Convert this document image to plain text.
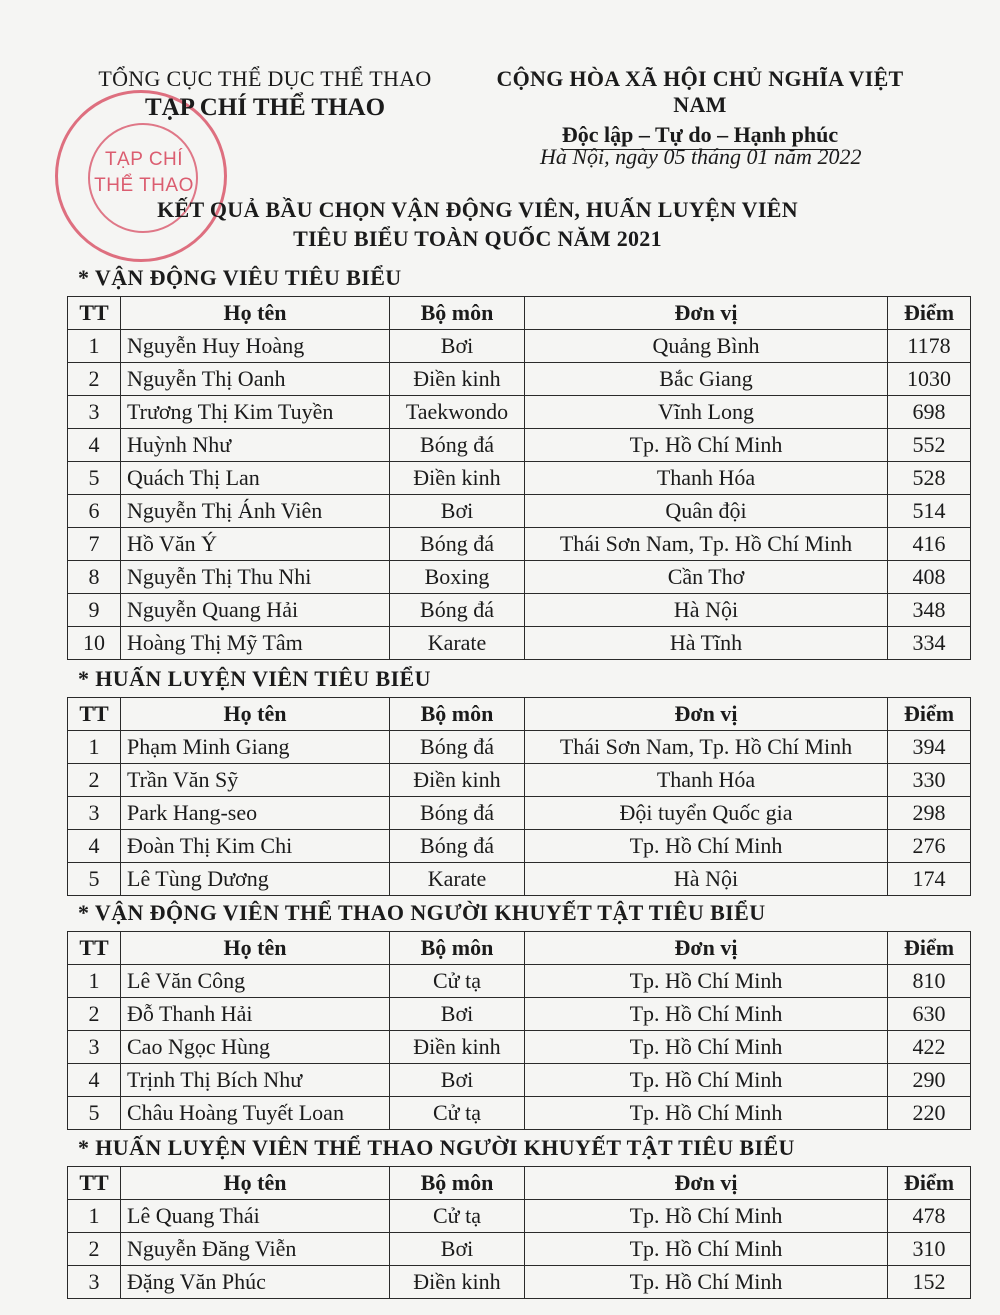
TẠP CHÍ
THỂ THAO
TỔNG CỤC THỂ DỤC THỂ THAO
TẠP CHÍ THỂ THAO
CỘNG HÒA XÃ HỘI CHỦ NGHĨA VIỆT NAM
Độc lập – Tự do – Hạnh phúc
Hà Nội, ngày 05 tháng 01 năm 2022
KẾT QUẢ BẦU CHỌN VẬN ĐỘNG VIÊN, HUẤN LUYỆN VIÊN
TIÊU BIỂU TOÀN QUỐC NĂM 2021
* VẬN ĐỘNG VIÊU TIÊU BIỂU
TT	Họ tên	Bộ môn	Đơn vị	Điểm
1	Nguyễn Huy Hoàng	Bơi	Quảng Bình	1178
2	Nguyễn Thị Oanh	Điền kinh	Bắc Giang	1030
3	Trương Thị Kim Tuyền	Taekwondo	Vĩnh Long	698
4	Huỳnh Như	Bóng đá	Tp. Hồ Chí Minh	552
5	Quách Thị Lan	Điền kinh	Thanh Hóa	528
6	Nguyễn Thị Ánh Viên	Bơi	Quân đội	514
7	Hồ Văn Ý	Bóng đá	Thái Sơn Nam, Tp. Hồ Chí Minh	416
8	Nguyễn Thị Thu Nhi	Boxing	Cần Thơ	408
9	Nguyễn Quang Hải	Bóng đá	Hà Nội	348
10	Hoàng Thị Mỹ Tâm	Karate	Hà Tĩnh	334
* HUẤN LUYỆN VIÊN TIÊU BIỂU
TT	Họ tên	Bộ môn	Đơn vị	Điểm
1	Phạm Minh Giang	Bóng đá	Thái Sơn Nam, Tp. Hồ Chí Minh	394
2	Trần Văn Sỹ	Điền kinh	Thanh Hóa	330
3	Park Hang-seo	Bóng đá	Đội tuyển Quốc gia	298
4	Đoàn Thị Kim Chi	Bóng đá	Tp. Hồ Chí Minh	276
5	Lê Tùng Dương	Karate	Hà Nội	174
* VẬN ĐỘNG VIÊN THỂ THAO NGƯỜI KHUYẾT TẬT TIÊU BIỂU
TT	Họ tên	Bộ môn	Đơn vị	Điểm
1	Lê Văn Công	Cử tạ	Tp. Hồ Chí Minh	810
2	Đỗ Thanh Hải	Bơi	Tp. Hồ Chí Minh	630
3	Cao Ngọc Hùng	Điền kinh	Tp. Hồ Chí Minh	422
4	Trịnh Thị Bích Như	Bơi	Tp. Hồ Chí Minh	290
5	Châu Hoàng Tuyết Loan	Cử tạ	Tp. Hồ Chí Minh	220
* HUẤN LUYỆN VIÊN THỂ THAO NGƯỜI KHUYẾT TẬT TIÊU BIỂU
TT	Họ tên	Bộ môn	Đơn vị	Điểm
1	Lê Quang Thái	Cử tạ	Tp. Hồ Chí Minh	478
2	Nguyễn Đăng Viễn	Bơi	Tp. Hồ Chí Minh	310
3	Đặng Văn Phúc	Điền kinh	Tp. Hồ Chí Minh	152
